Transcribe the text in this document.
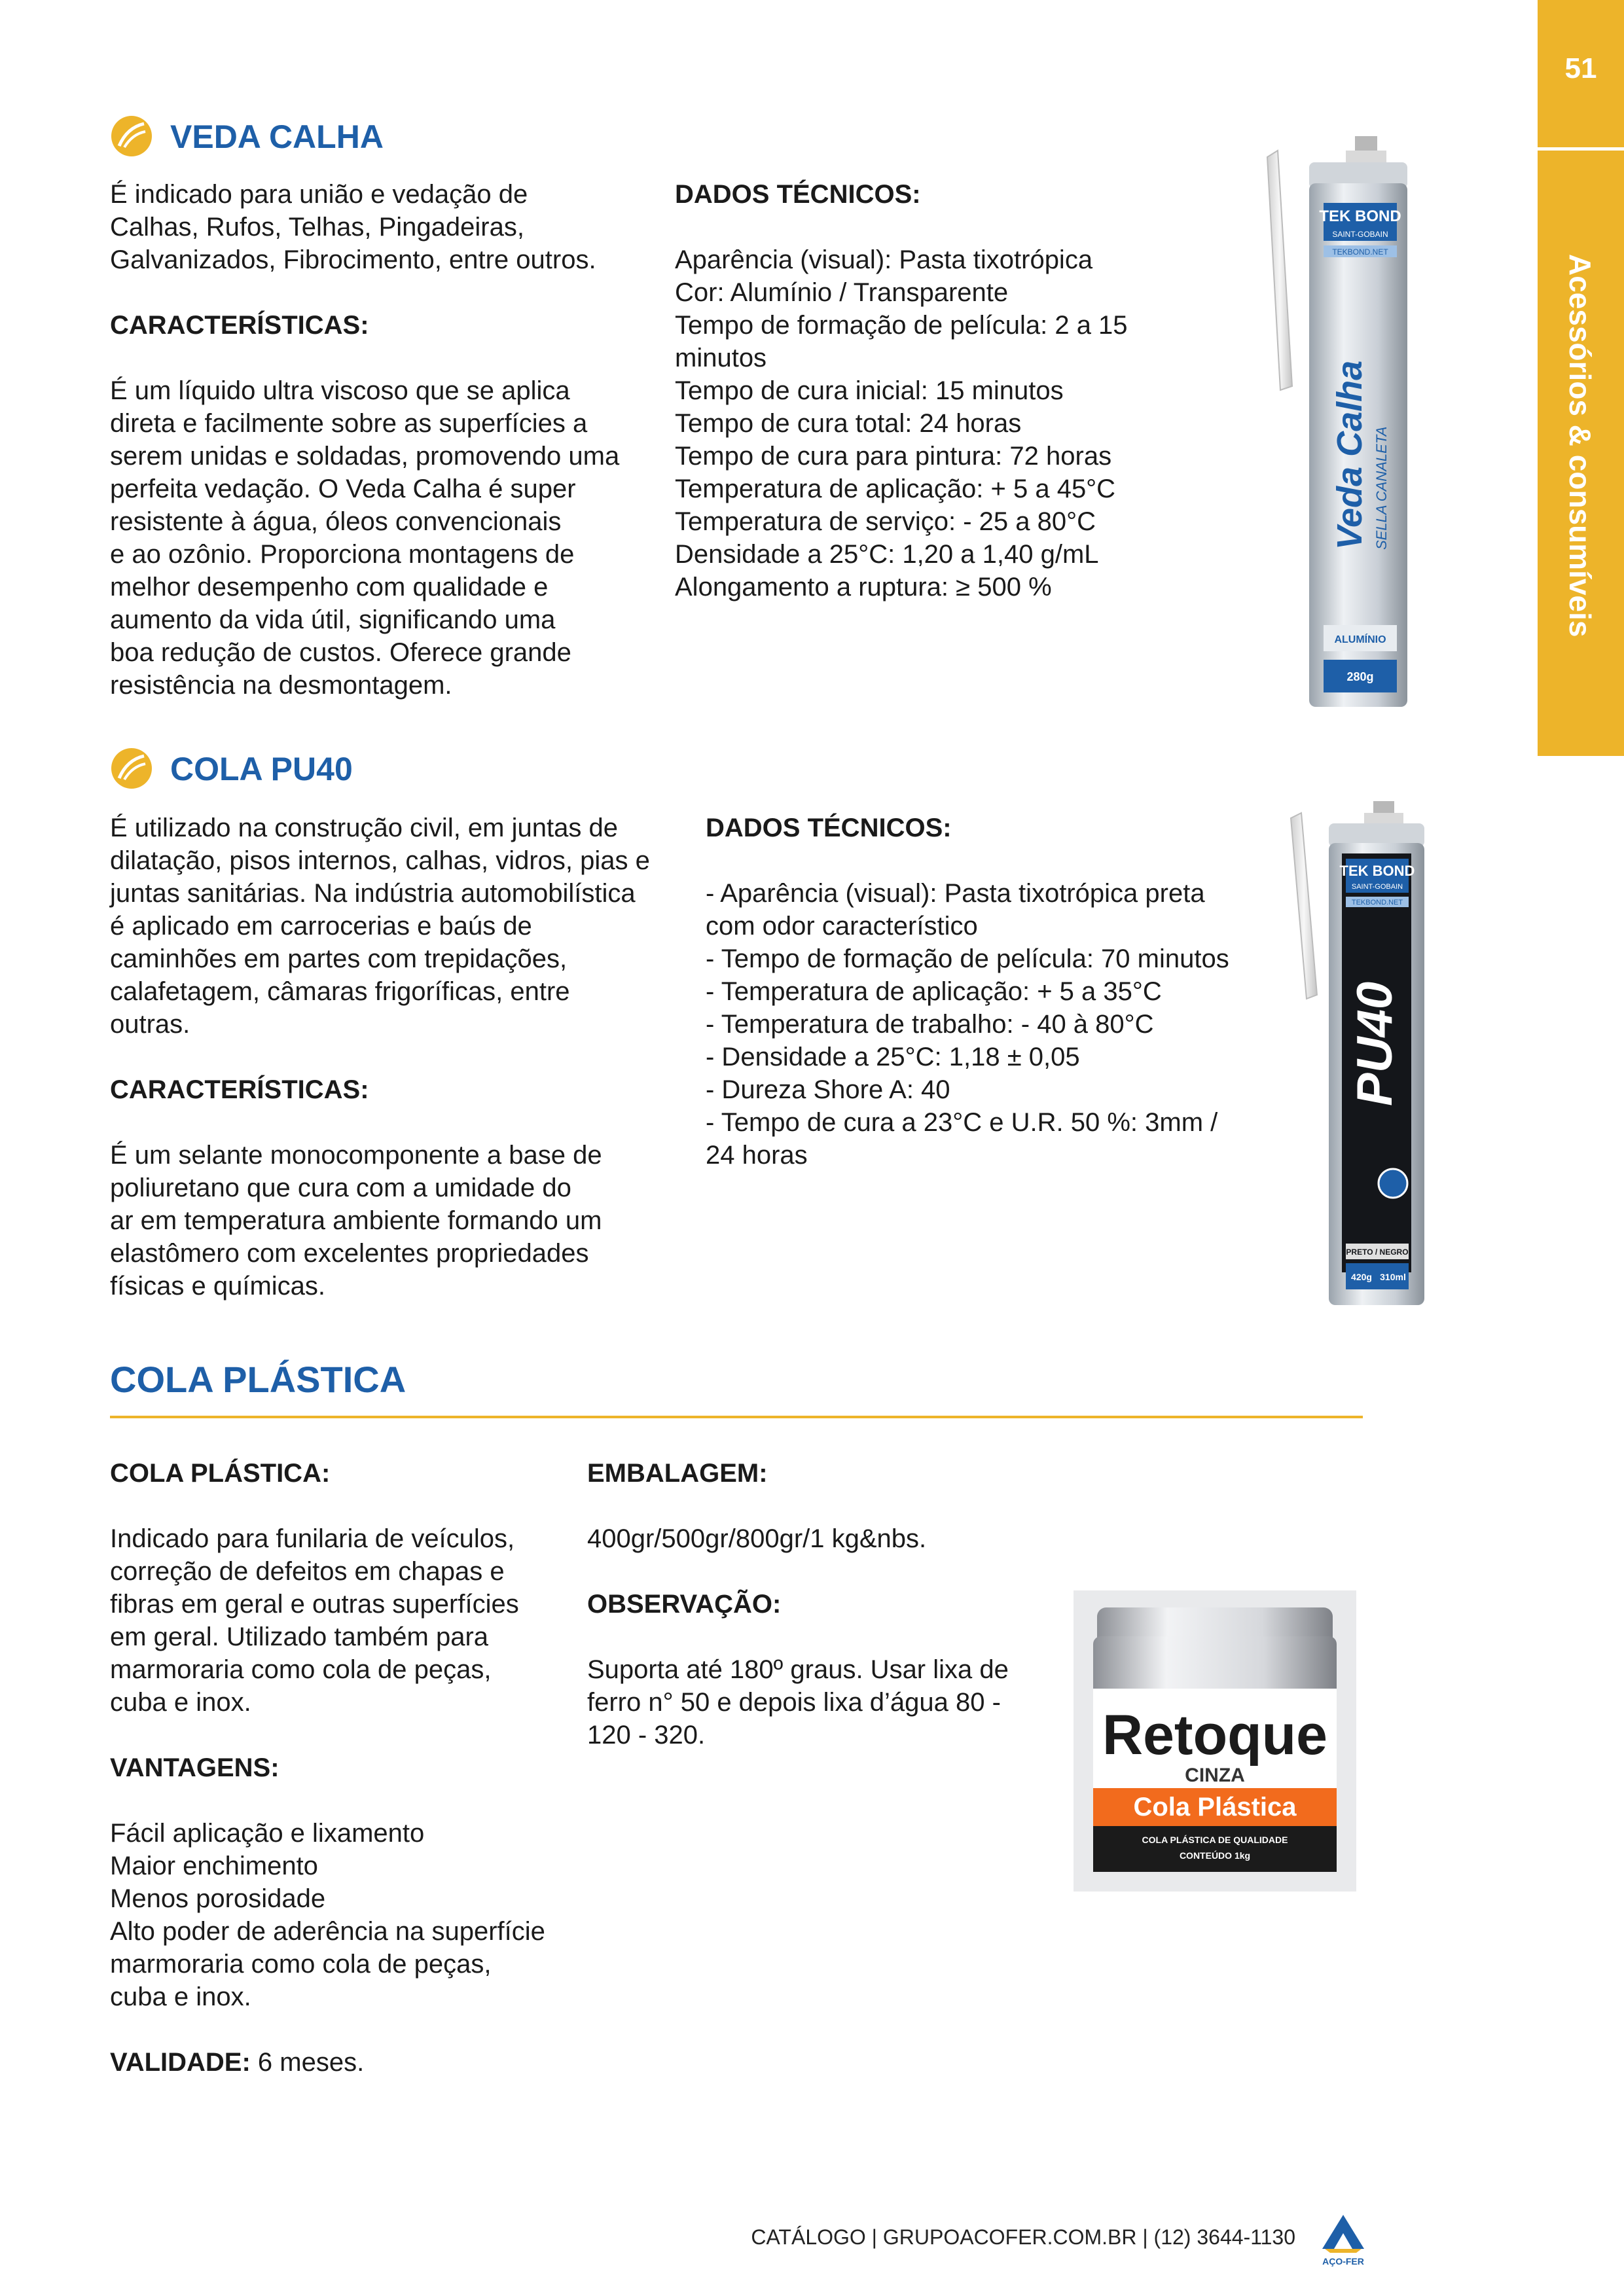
51
Acessórios & consumíveis
VEDA CALHA

É indicado para união e vedação de
Calhas, Rufos, Telhas, Pingadeiras,
Galvanizados, Fibrocimento, entre outros.

CARACTERÍSTICAS:

É um líquido ultra viscoso que se aplica
direta e facilmente sobre as superfícies a
serem unidas e soldadas, promovendo uma
perfeita vedação. O Veda Calha é super
resistente à água, óleos convencionais
e ao ozônio. Proporciona montagens de
melhor desempenho com qualidade e
aumento da vida útil, significando uma
boa redução de custos. Oferece grande
resistência na desmontagem.

DADOS TÉCNICOS:

Aparência (visual): Pasta tixotrópica
Cor: Alumínio / Transparente
Tempo de formação de película: 2 a 15
minutos
Tempo de cura inicial: 15 minutos
Tempo de cura total: 24 horas
Tempo de cura para pintura: 72 horas
Temperatura de aplicação: + 5 a 45°C
Temperatura de serviço: - 25 a 80°C
Densidade a 25°C: 1,20 a 1,40 g/mL
Alongamento a ruptura: ≥ 500 %

TEK BOND
SAINT-GOBAIN
TEKBOND.NET
Veda Calha SELLA CANALETA
ALUMÍNIO
280g
COLA PU40

É utilizado na construção civil, em juntas de
dilatação, pisos internos, calhas, vidros, pias e
juntas sanitárias. Na indústria automobilística
é aplicado em carrocerias e baús de
caminhões em partes com trepidações,
calafetagem, câmaras frigoríficas, entre
outras.

CARACTERÍSTICAS:

É um selante monocomponente a base de
poliuretano que cura com a umidade do
ar em temperatura ambiente formando um
elastômero com excelentes propriedades
físicas e químicas.

DADOS TÉCNICOS:

- Aparência (visual): Pasta tixotrópica preta
com odor característico
- Tempo de formação de película: 70 minutos
- Temperatura de aplicação: + 5 a 35°C
- Temperatura de trabalho: - 40 à 80°C
- Densidade a 25°C: 1,18 ± 0,05
- Dureza Shore A: 40
- Tempo de cura a 23°C e U.R. 50 %: 3mm /
24 horas

TEK BOND
SAINT-GOBAIN
TEKBOND.NET
PU40
PRETO / NEGRO
420g 310ml
COLA PLÁSTICA
COLA PLÁSTICA:

Indicado para funilaria de veículos,
correção de defeitos em chapas e
fibras em geral e outras superfícies
em geral. Utilizado também para
marmoraria como cola de peças,
cuba e inox.

VANTAGENS:

Fácil aplicação e lixamento
Maior enchimento
Menos porosidade
Alto poder de aderência na superfície
marmoraria como cola de peças,
cuba e inox.

VALIDADE: 6 meses.
EMBALAGEM:

400gr/500gr/800gr/1 kg&nbs.

OBSERVAÇÃO:

Suporta até 180º graus. Usar lixa de
ferro n° 50 e depois lixa d’água 80 -
120 - 320.	Retoque
CINZA
Cola Plástica
COLA PLÁSTICA DE QUALIDADE
CONTEÚDO 1kg
CATÁLOGO | GRUPOACOFER.COM.BR | (12) 3644-1130
AÇO-FER
